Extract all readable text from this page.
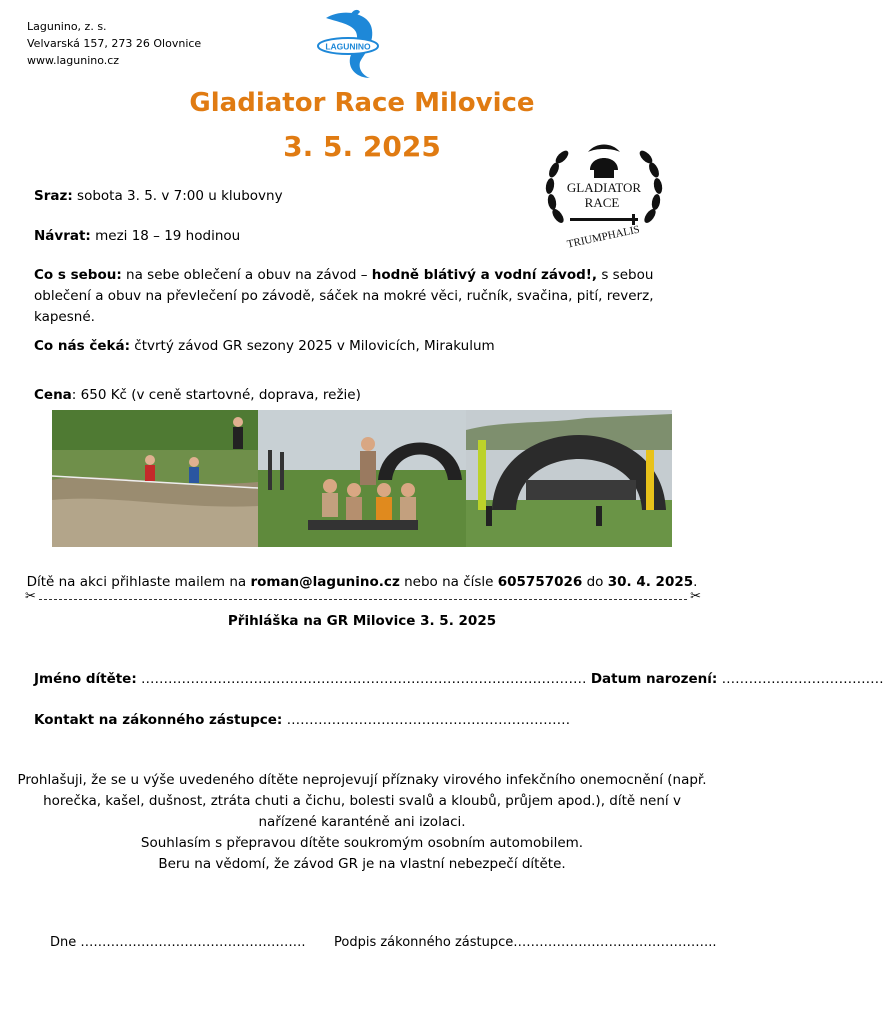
Lagunino, z. s.
Velvarská 157, 273 26 Olovnice
www.lagunino.cz
LAGUNINO
Gladiator Race Milovice
3. 5. 2025
GLADIATOR
RACE
TRIUMPHALIS
Sraz: sobota 3. 5. v 7:00 u klubovny
Návrat: mezi 18 – 19 hodinou
Co s sebou: na sebe oblečení a obuv na závod – hodně blátivý a vodní závod!, s sebou oblečení a obuv na převlečení po závodě, sáček na mokré věci, ručník, svačina, pití, reverz, kapesné.
Co nás čeká: čtvrtý závod GR sezony 2025 v Milovicích, Mirakulum
Cena: 650 Kč (v ceně startovné, doprava, režie)
Dítě na akci přihlaste mailem na roman@lagunino.cz nebo na čísle 605757026 do 30. 4. 2025.
✂	✂
Přihláška na GR Milovice 3. 5. 2025
Jméno dítěte: ……………………………………………………………………………………… Datum narození: ………………………………
Kontakt na zákonného zástupce: ………………………………………………………
Prohlašuji, že se u výše uvedeného dítěte neprojevují příznaky virového infekčního onemocnění (např.
horečka, kašel, dušnost, ztráta chuti a čichu, bolesti svalů a kloubů, průjem apod.), dítě není v
nařízené karanténě ani izolaci.
Souhlasím s přepravou dítěte soukromým osobním automobilem.
Beru na vědomí, že závod GR je na vlastní nebezpečí dítěte.
Dne ……………………………………………. Podpis zákonného zástupce………………………………………..
